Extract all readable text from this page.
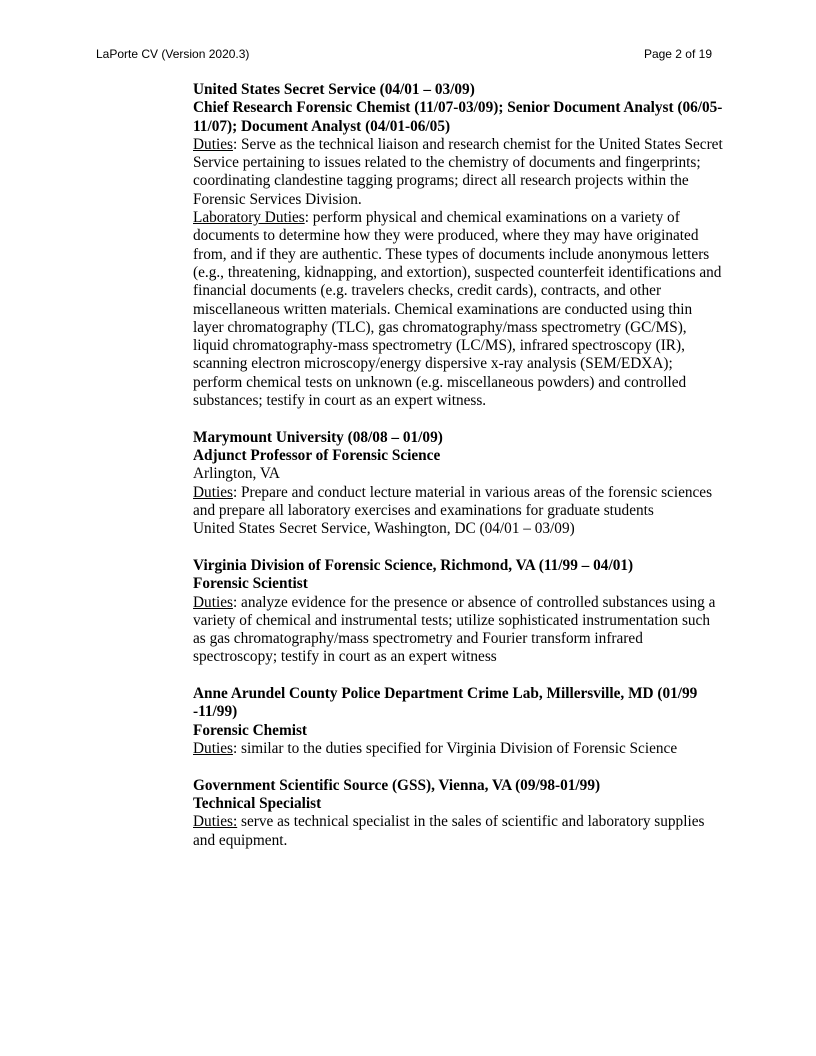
LaPorte CV (Version 2020.3)	Page 2 of 19

United States Secret Service (04/01 – 03/09)

Chief Research Forensic Chemist (11/07-03/09); Senior Document Analyst (06/05-11/07); Document Analyst (04/01-06/05)

Duties: Serve as the technical liaison and research chemist for the United States Secret Service pertaining to issues related to the chemistry of documents and fingerprints; coordinating clandestine tagging programs; direct all research projects within the Forensic Services Division.

Laboratory Duties: perform physical and chemical examinations on a variety of documents to determine how they were produced, where they may have originated from, and if they are authentic. These types of documents include anonymous letters (e.g., threatening, kidnapping, and extortion), suspected counterfeit identifications and financial documents (e.g. travelers checks, credit cards), contracts, and other miscellaneous written materials. Chemical examinations are conducted using thin layer chromatography (TLC), gas chromatography/mass spectrometry (GC/MS), liquid chromatography-mass spectrometry (LC/MS), infrared spectroscopy (IR), scanning electron microscopy/energy dispersive x-ray analysis (SEM/EDXA); perform chemical tests on unknown (e.g. miscellaneous powders) and controlled substances; testify in court as an expert witness.

Marymount University (08/08 – 01/09)

Adjunct Professor of Forensic Science

Arlington, VA

Duties: Prepare and conduct lecture material in various areas of the forensic sciences and prepare all laboratory exercises and examinations for graduate students

United States Secret Service, Washington, DC (04/01 – 03/09)

Virginia Division of Forensic Science, Richmond, VA (11/99 – 04/01)

Forensic Scientist

Duties: analyze evidence for the presence or absence of controlled substances using a variety of chemical and instrumental tests; utilize sophisticated instrumentation such as gas chromatography/mass spectrometry and Fourier transform infrared spectroscopy; testify in court as an expert witness

Anne Arundel County Police Department Crime Lab, Millersville, MD (01/99 -11/99)

Forensic Chemist

Duties: similar to the duties specified for Virginia Division of Forensic Science

Government Scientific Source (GSS), Vienna, VA (09/98-01/99)

Technical Specialist

Duties: serve as technical specialist in the sales of scientific and laboratory supplies and equipment.
